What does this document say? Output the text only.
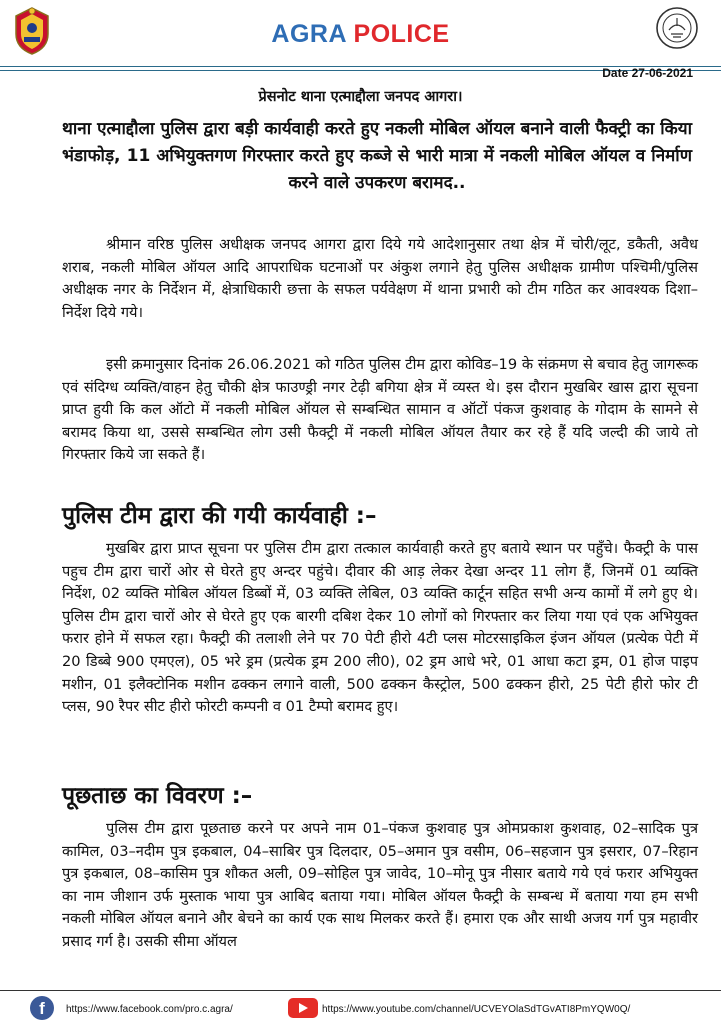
AGRA POLICE
Date 27-06-2021
प्रेसनोट थाना एत्माद्दौला जनपद आगरा।
थाना एत्माद्दौला पुलिस द्वारा बड़ी कार्यवाही करते हुए नकली मोबिल ऑयल बनाने वाली फैक्ट्री का किया भंडाफोड़, 11 अभियुक्तगण गिरफ्तार करते हुए कब्जे से भारी मात्रा में नकली मोबिल ऑयल व निर्माण करने वाले उपकरण बरामद..

श्रीमान वरिष्ठ पुलिस अधीक्षक जनपद आगरा द्वारा दिये गये आदेशानुसार तथा क्षेत्र में चोरी/लूट, डकैती, अवैध शराब, नकली मोबिल ऑयल आदि आपराधिक घटनाओं पर अंकुश लगाने हेतु पुलिस अधीक्षक ग्रामीण पश्चिमी/पुलिस अधीक्षक नगर के निर्देशन में, क्षेत्राधिकारी छत्ता के सफल पर्यवेक्षण में थाना प्रभारी को टीम गठित कर आवश्यक दिशा–निर्देश दिये गये।

इसी क्रमानुसार दिनांक 26.06.2021 को गठित पुलिस टीम द्वारा कोविड–19 के संक्रमण से बचाव हेतु जागरूक एवं संदिग्ध व्यक्ति/वाहन हेतु चौकी क्षेत्र फाउण्ड्री नगर टेढ़ी बगिया क्षेत्र में व्यस्त थे। इस दौरान मुखबिर खास द्वारा सूचना प्राप्त हुयी कि कल ऑटो में नकली मोबिल ऑयल से सम्बन्धित सामान व ऑटों पंकज कुशवाह के गोदाम के सामने से बरामद किया था, उससे सम्बन्धित लोग उसी फैक्ट्री में नकली मोबिल ऑयल तैयार कर रहे हैं यदि जल्दी की जाये तो गिरफ्तार किये जा सकते हैं।

पुलिस टीम द्वारा की गयी कार्यवाही :–

मुखबिर द्वारा प्राप्त सूचना पर पुलिस टीम द्वारा तत्काल कार्यवाही करते हुए बताये स्थान पर पहुँचे। फैक्ट्री के पास पहुच टीम द्वारा चारों ओर से घेरते हुए अन्दर पहुंचे। दीवार की आड़ लेकर देखा अन्दर 11 लोग हैं, जिनमें 01 व्यक्ति निर्देश, 02 व्यक्ति मोबिल ऑयल डिब्बों में, 03 व्यक्ति लेबिल, 03 व्यक्ति कार्टून सहित सभी अन्य कामों में लगे हुए थे। पुलिस टीम द्वारा चारों ओर से घेरते हुए एक बारगी दबिश देकर 10 लोगों को गिरफ्तार कर लिया गया एवं एक अभियुक्त फरार होने में सफल रहा। फैक्ट्री की तलाशी लेने पर 70 पेटी हीरो 4टी प्लस मोटरसाइकिल इंजन ऑयल (प्रत्येक पेटी में 20 डिब्बे 900 एमएल), 05 भरे ड्रम (प्रत्येक ड्रम 200 ली0), 02 ड्रम आधे भरे, 01 आधा कटा ड्रम, 01 होज पाइप मशीन, 01 इलैक्टोनिक मशीन ढक्कन लगाने वाली, 500 ढक्कन कैस्ट्रोल, 500 ढक्कन हीरो, 25 पेटी हीरो फोर टी प्लस, 90 रैपर सीट हीरो फोरटी कम्पनी व 01 टैम्पो बरामद हुए।

पूछताछ का विवरण :–

पुलिस टीम द्वारा पूछताछ करने पर अपने नाम 01–पंकज कुशवाह पुत्र ओमप्रकाश कुशवाह, 02–सादिक पुत्र कामिल, 03–नदीम पुत्र इकबाल, 04–साबिर पुत्र दिलदार, 05–अमान पुत्र वसीम, 06–सहजान पुत्र इसरार, 07–रिहान पुत्र इकबाल, 08–कासिम पुत्र शौकत अली, 09–सोहिल पुत्र जावेद, 10–मोनू पुत्र नीसार बताये गये एवं फरार अभियुक्त का नाम जीशान उर्फ मुस्ताक भाया पुत्र आबिद बताया गया। मोबिल ऑयल फैक्ट्री के सम्बन्ध में बताया गया हम सभी नकली मोबिल ऑयल बनाने और बेचने का कार्य एक साथ मिलकर करते हैं। हमारा एक और साथी अजय गर्ग पुत्र महावीर प्रसाद गर्ग है। उसकी सीमा ऑयल

f	https://www.facebook.com/pro.c.agra/	https://www.youtube.com/channel/UCVEYOlaSdTGvATI8PmYQW0Q/
